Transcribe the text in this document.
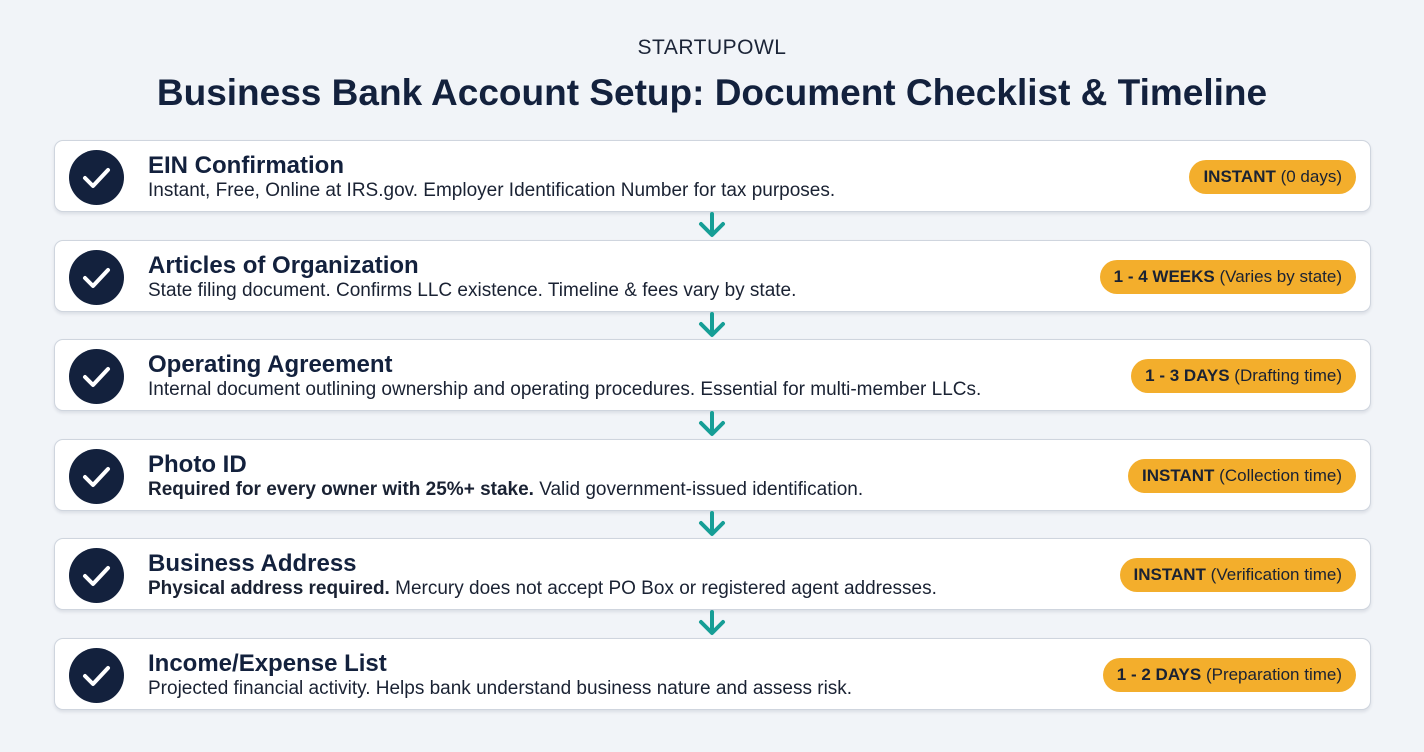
STARTUPOWL
Business Bank Account Setup: Document Checklist & Timeline
EIN Confirmation
Instant, Free, Online at IRS.gov. Employer Identification Number for tax purposes.
INSTANT (0 days)
Articles of Organization
State filing document. Confirms LLC existence. Timeline & fees vary by state.
1 - 4 WEEKS (Varies by state)
Operating Agreement
Internal document outlining ownership and operating procedures. Essential for multi-member LLCs.
1 - 3 DAYS (Drafting time)
Photo ID
Required for every owner with 25%+ stake. Valid government-issued identification.
INSTANT (Collection time)
Business Address
Physical address required. Mercury does not accept PO Box or registered agent addresses.
INSTANT (Verification time)
Income/Expense List
Projected financial activity. Helps bank understand business nature and assess risk.
1 - 2 DAYS (Preparation time)
